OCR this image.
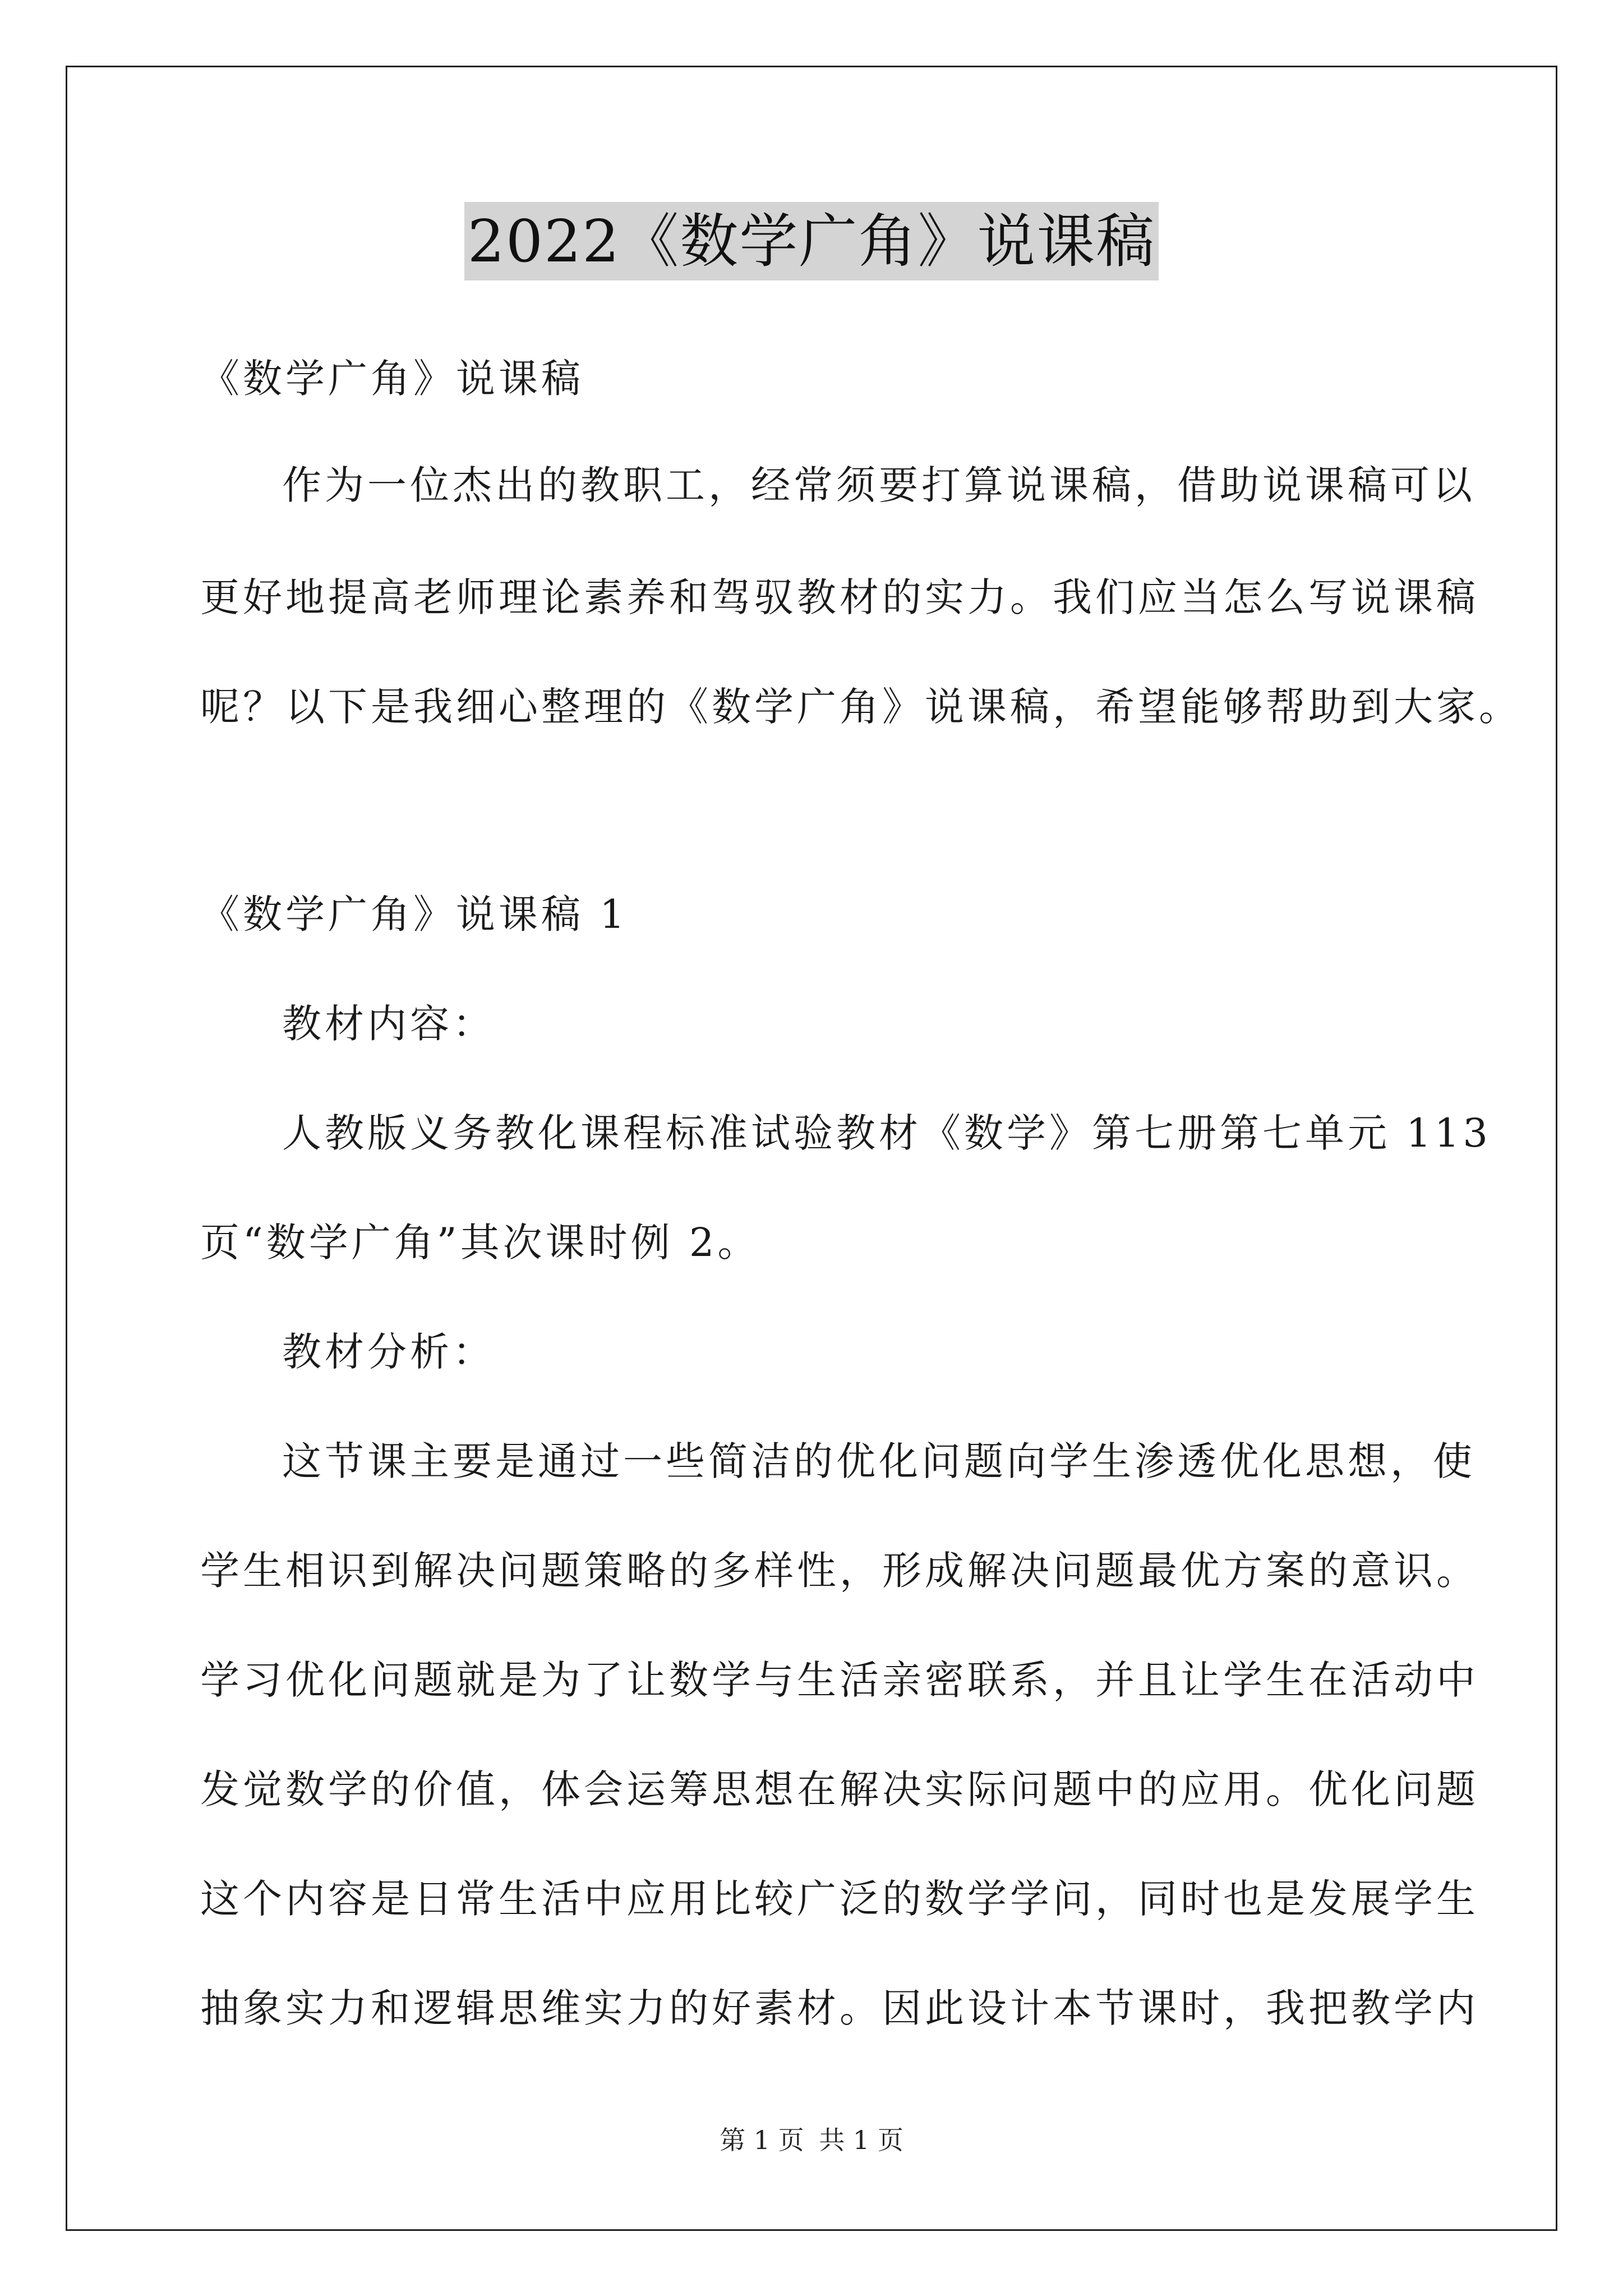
2022《数学广角》说课稿
《数学广角》说课稿
作为一位杰出的教职工，经常须要打算说课稿，借助说课稿可以
更好地提高老师理论素养和驾驭教材的实力。我们应当怎么写说课稿
呢？以下是我细心整理的《数学广角》说课稿，希望能够帮助到大家。
《数学广角》说课稿 1
教材内容：
人教版义务教化课程标准试验教材《数学》第七册第七单元 113
页“数学广角”其次课时例 2。
教材分析：
这节课主要是通过一些简洁的优化问题向学生渗透优化思想，使
学生相识到解决问题策略的多样性，形成解决问题最优方案的意识。
学习优化问题就是为了让数学与生活亲密联系，并且让学生在活动中
发觉数学的价值，体会运筹思想在解决实际问题中的应用。优化问题
这个内容是日常生活中应用比较广泛的数学学问，同时也是发展学生
抽象实力和逻辑思维实力的好素材。因此设计本节课时，我把教学内
第 1 页 共 1 页
